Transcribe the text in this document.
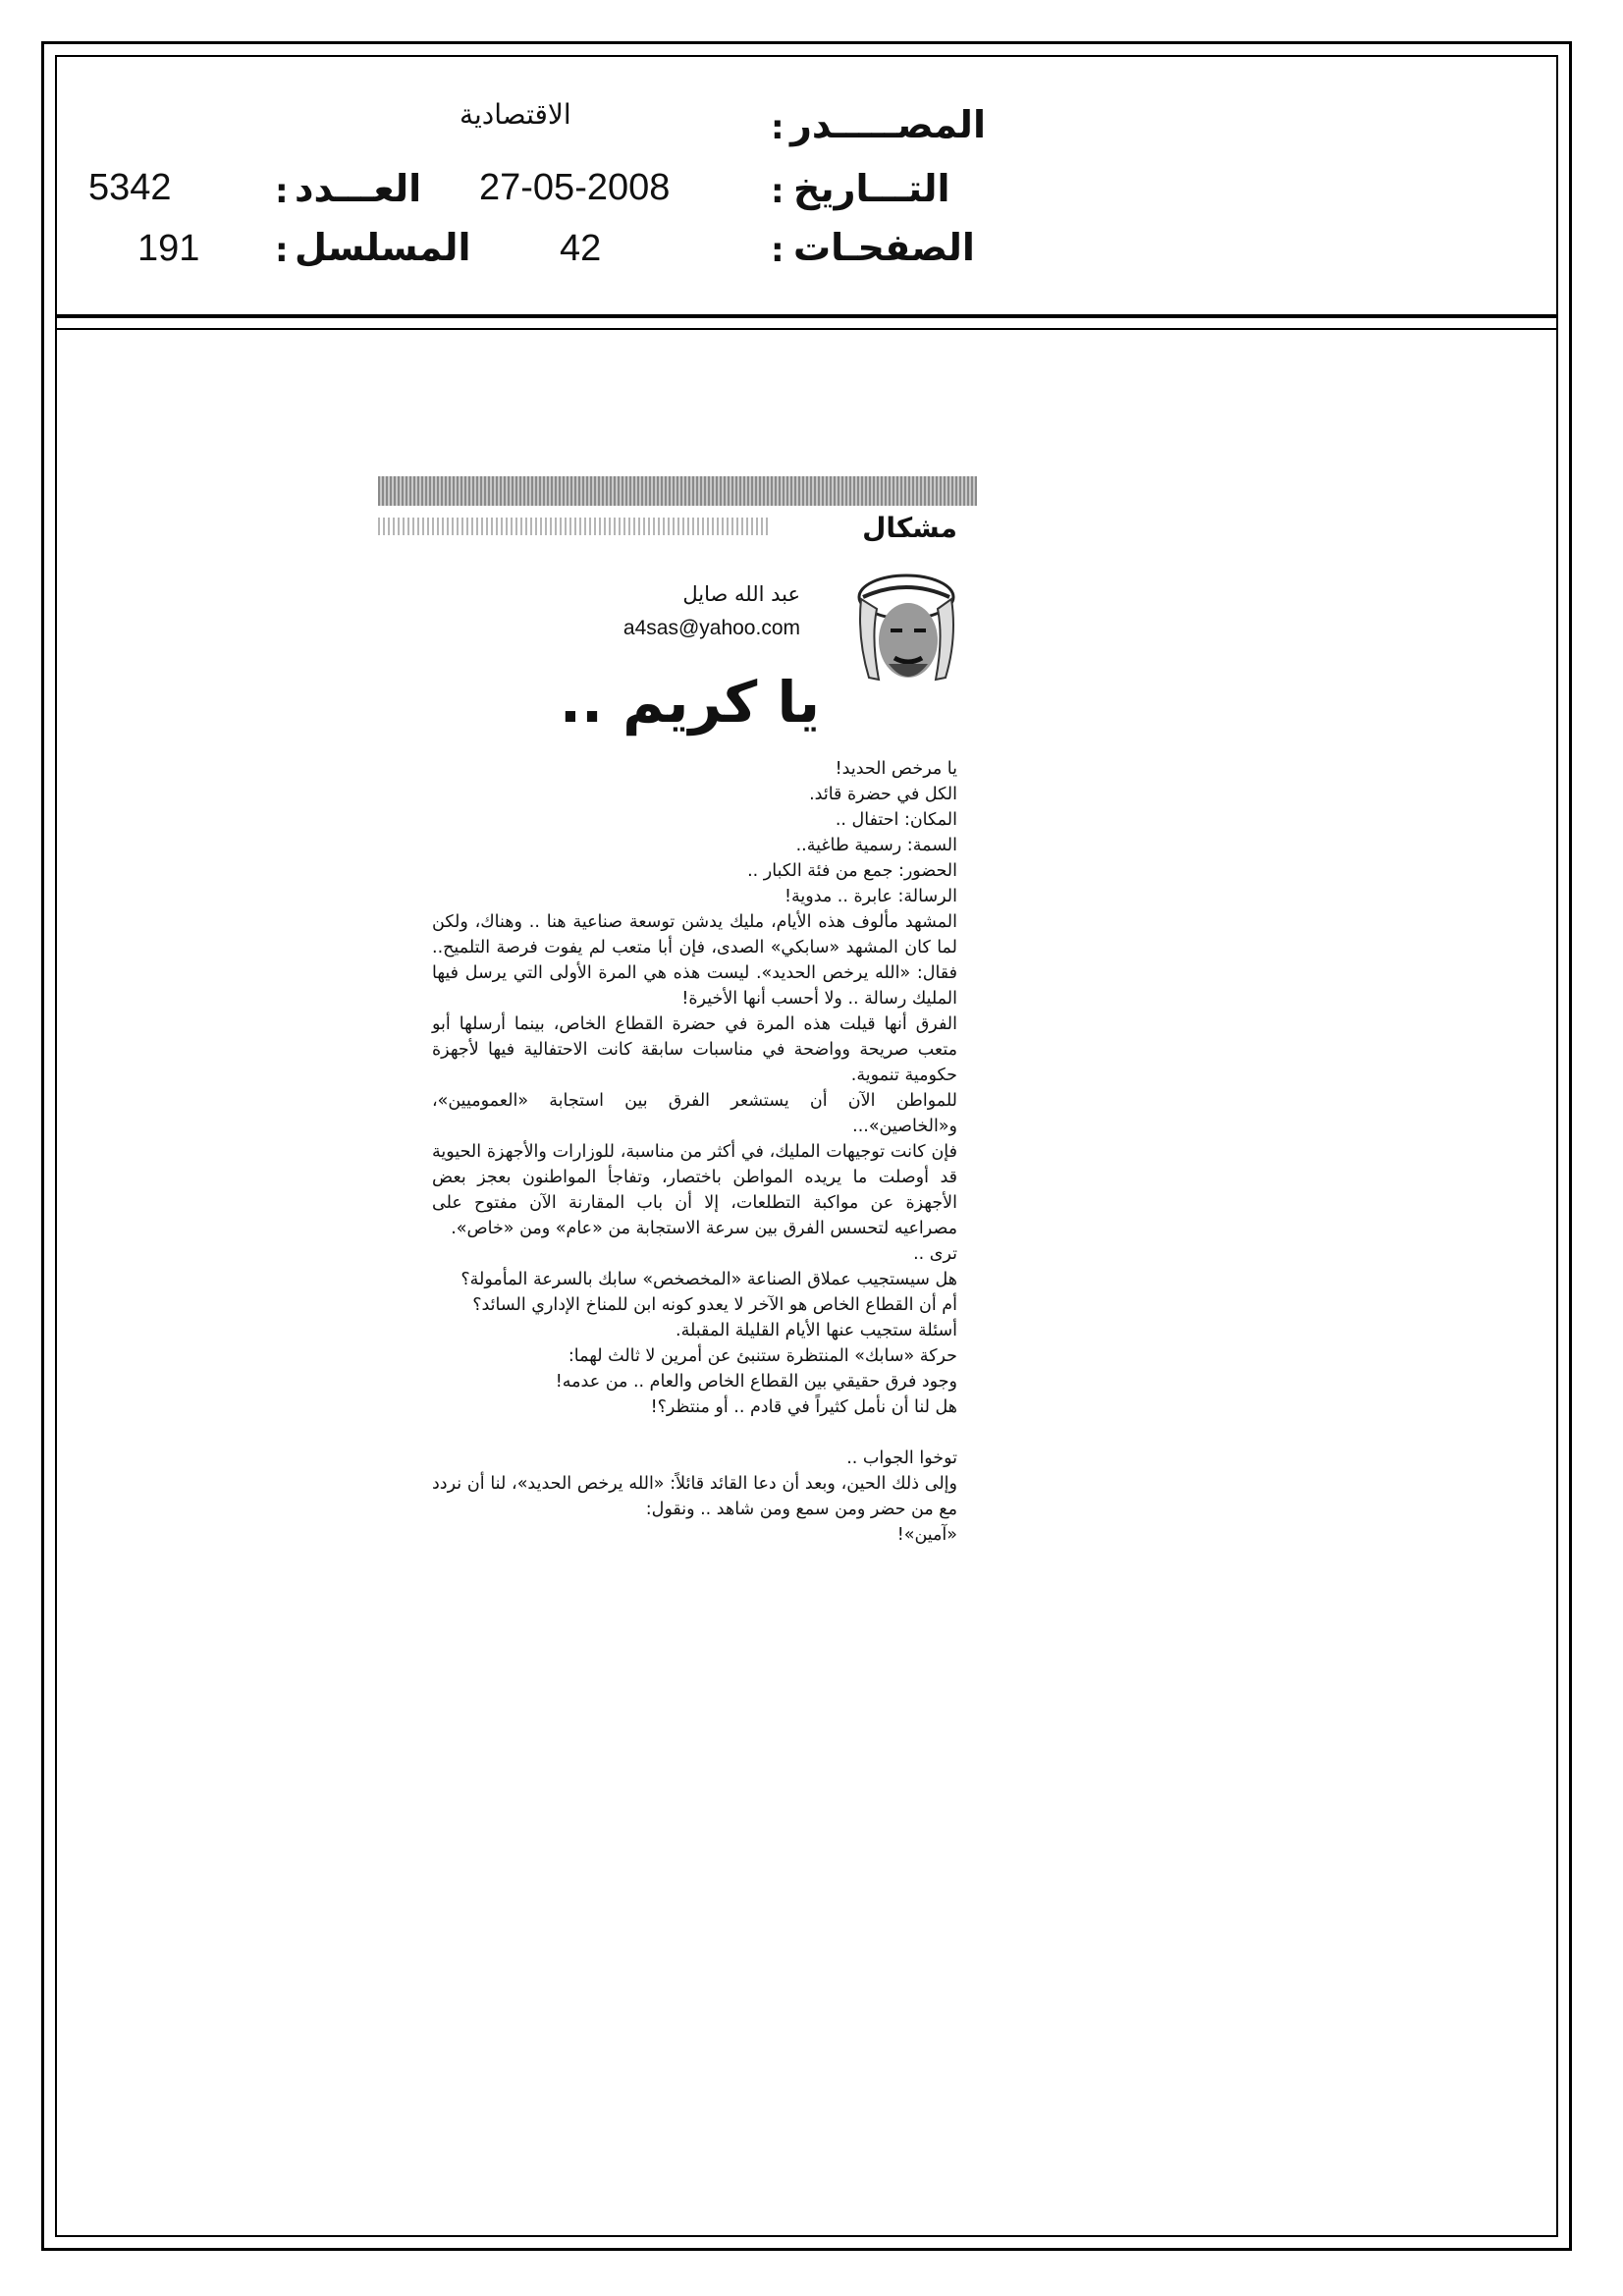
المصـــــدر
:
الاقتصادية
التـــاريخ
:
27-05-2008
العـــدد
:
5342
الصفحـات
:
42
المسلسل
:
191
مشكال
عبد الله صايل
a4sas@yahoo.com
يا كريم ..

يا مرخص الحديد!

الكل في حضرة قائد.

المكان: احتفال ..

السمة: رسمية طاغية..

الحضور: جمع من فئة الكبار ..

الرسالة: عابرة .. مدوية!

المشهد مألوف هذه الأيام، مليك يدشن توسعة صناعية هنا .. وهناك، ولكن لما كان المشهد «سابكي» الصدى، فإن أبا متعب لم يفوت فرصة التلميح.. فقال: «الله يرخص الحديد». ليست هذه هي المرة الأولى التي يرسل فيها المليك رسالة .. ولا أحسب أنها الأخيرة!

الفرق أنها قيلت هذه المرة في حضرة القطاع الخاص، بينما أرسلها أبو متعب صريحة وواضحة في مناسبات سابقة كانت الاحتفالية فيها لأجهزة حكومية تنموية.

للمواطن الآن أن يستشعر الفرق بين استجابة «العموميين»، و«الخاصين»...

فإن كانت توجيهات المليك، في أكثر من مناسبة، للوزارات والأجهزة الحيوية قد أوصلت ما يريده المواطن باختصار، وتفاجأ المواطنون بعجز بعض الأجهزة عن مواكبة التطلعات، إلا أن باب المقارنة الآن مفتوح على مصراعيه لتحسس الفرق بين سرعة الاستجابة من «عام» ومن «خاص».

ترى ..

هل سيستجيب عملاق الصناعة «المخصخص» سابك بالسرعة المأمولة؟

أم أن القطاع الخاص هو الآخر لا يعدو كونه ابن للمناخ الإداري السائد؟

أسئلة ستجيب عنها الأيام القليلة المقبلة.

حركة «سابك» المنتظرة ستنبئ عن أمرين لا ثالث لهما:

وجود فرق حقيقي بين القطاع الخاص والعام .. من عدمه!

هل لنا أن نأمل كثيراً في قادم .. أو منتظر؟!

توخوا الجواب ..

وإلى ذلك الحين، وبعد أن دعا القائد قائلاً: «الله يرخص الحديد»، لنا أن نردد مع من حضر ومن سمع ومن شاهد .. ونقول:

«آمين»!
